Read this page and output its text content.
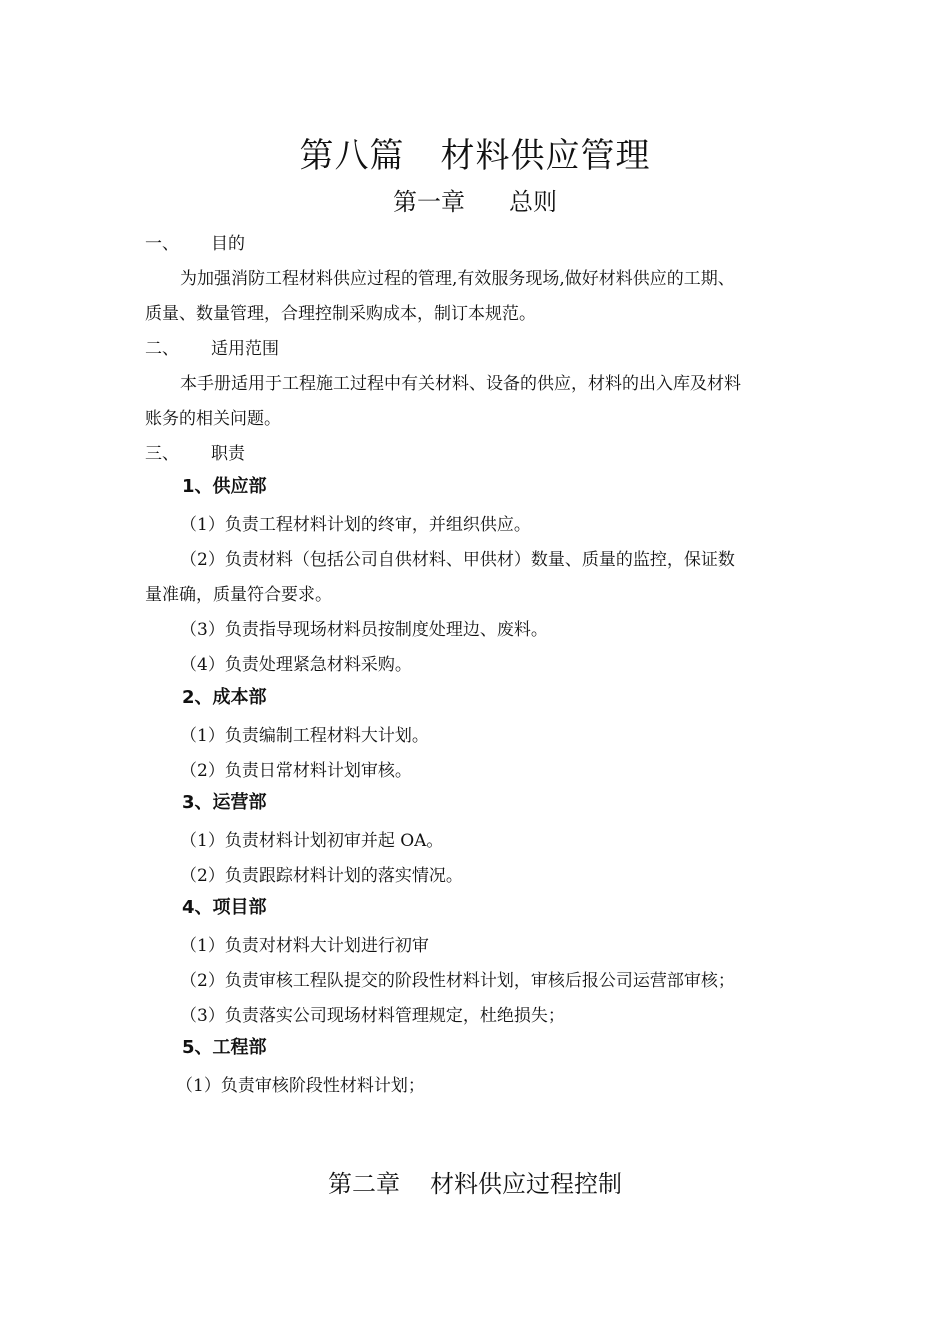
第八篇 材料供应管理
第一章 总则
一、 目的
为加强消防工程材料供应过程的管理,有效服务现场,做好材料供应的工期、
质量、数量管理，合理控制采购成本，制订本规范。
二、 适用范围
本手册适用于工程施工过程中有关材料、设备的供应，材料的出入库及材料
账务的相关问题。
三、 职责
1、供应部
（1）负责工程材料计划的终审，并组织供应。
（2）负责材料（包括公司自供材料、甲供材）数量、质量的监控，保证数
量准确，质量符合要求。
（3）负责指导现场材料员按制度处理边、废料。
（4）负责处理紧急材料采购。
2、成本部
（1）负责编制工程材料大计划。
（2）负责日常材料计划审核。
3、运营部
（1）负责材料计划初审并起 OA。
（2）负责跟踪材料计划的落实情况。
4、项目部
（1）负责对材料大计划进行初审
（2）负责审核工程队提交的阶段性材料计划，审核后报公司运营部审核；
（3）负责落实公司现场材料管理规定，杜绝损失；
5、工程部
（1）负责审核阶段性材料计划；
第二章 材料供应过程控制
